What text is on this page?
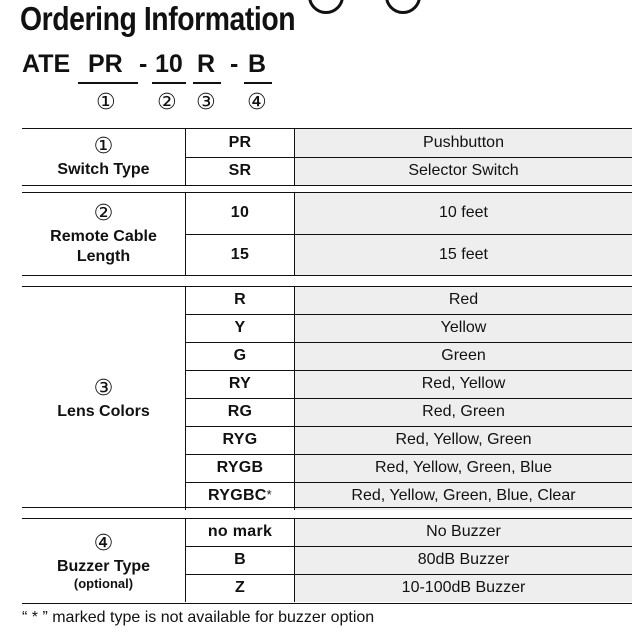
Ordering Information
ATE PR - 10 R - B
① ② ③ ④
①
Switch Type	PR	Pushbutton
	SR	Selector Switch
②
Remote Cable
Length	10	10 feet
	15	15 feet
③
Lens Colors	R	Red
	Y	Yellow
	G	Green
	RY	Red, Yellow
	RG	Red, Green
	RYG	Red, Yellow, Green
	RYGB	Red, Yellow, Green, Blue
	RYGBC*	Red, Yellow, Green, Blue, Clear
④
Buzzer Type
(optional)	no mark	No Buzzer
	B	80dB Buzzer
	Z	10-100dB Buzzer
“ * ” marked type is not available for buzzer option
